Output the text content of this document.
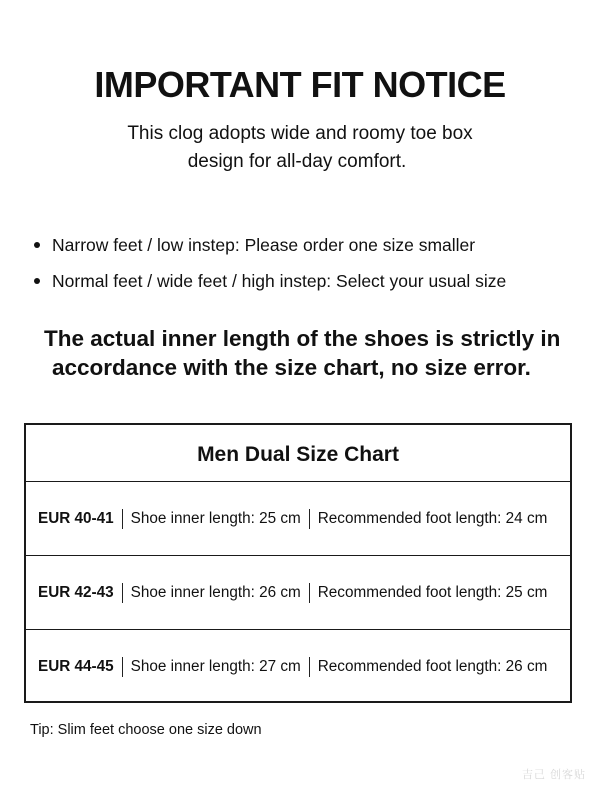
IMPORTANT FIT NOTICE
This clog adopts wide and roomy toe box
design for all-day comfort.
Narrow feet / low instep: Please order one size smaller
Normal feet / wide feet / high instep: Select your usual size
The actual inner length of the shoes is strictly in
accordance with the size chart, no size error.
Men Dual Size Chart
EUR 40-41 Shoe inner length: 25 cm Recommended foot length: 24 cm
EUR 42-43 Shoe inner length: 26 cm Recommended foot length: 25 cm
EUR 44-45 Shoe inner length: 27 cm Recommended foot length: 26 cm
Tip: Slim feet choose one size down
吉己 创客贴
